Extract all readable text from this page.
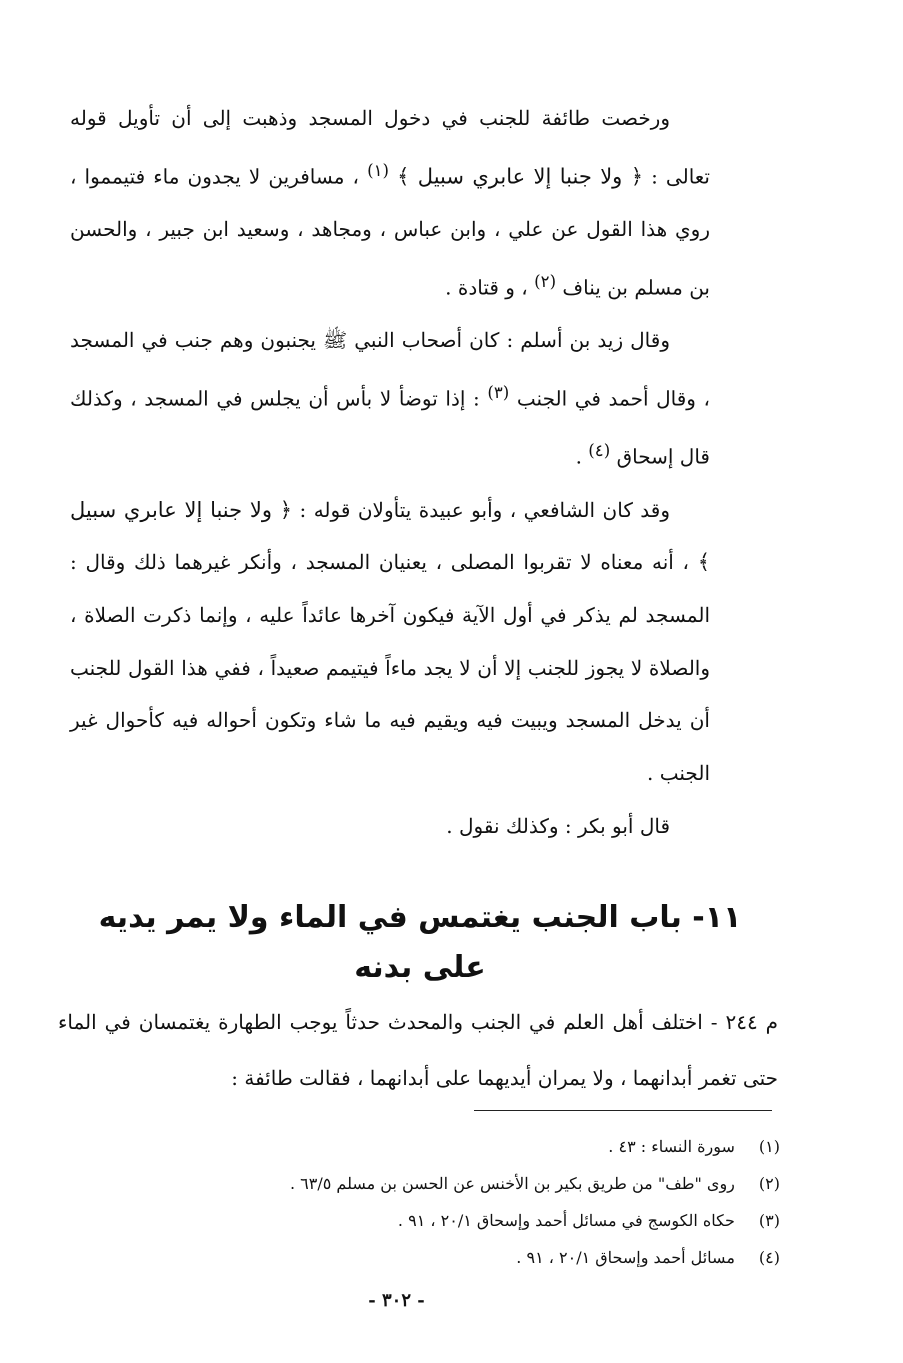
ورخصت طائفة للجنب في دخول المسجد وذهبت إلى أن تأويل قوله تعالى : ﴿ ولا جنبا إلا عابري سبيل ﴾ $^{(١)}$ ، مسافرين لا يجدون ماء فتيمموا ، روي هذا القول عن علي ، وابن عباس ، ومجاهد ، وسعيد ابن جبير ، والحسن بن مسلم بن يناف $^{(٢)}$ ، و قتادة .

وقال زيد بن أسلم : كان أصحاب النبي ﷺ يجنبون وهم جنب في المسجد ، وقال أحمد في الجنب $^{(٣)}$ : إذا توضأ لا بأس أن يجلس في المسجد ، وكذلك قال إسحاق $^{(٤)}$ .

وقد كان الشافعي ، وأبو عبيدة يتأولان قوله : ﴿ ولا جنبا إلا عابري سبيل ﴾ ، أنه معناه لا تقربوا المصلى ، يعنيان المسجد ، وأنكر غيرهما ذلك وقال : المسجد لم يذكر في أول الآية فيكون آخرها عائداً عليه ، وإنما ذكرت الصلاة ، والصلاة لا يجوز للجنب إلا أن لا يجد ماءاً فيتيمم صعيداً ، ففي هذا القول للجنب أن يدخل المسجد ويبيت فيه ويقيم فيه ما شاء وتكون أحواله فيه كأحوال غير الجنب .

قال أبو بكر : وكذلك نقول .

١١- باب الجنب يغتمس في الماء ولا يمر يديه على بدنه

م ٢٤٤ - اختلف أهل العلم في الجنب والمحدث حدثاً يوجب الطهارة يغتمسان في الماء حتى تغمر أبدانهما ، ولا يمران أيديهما على أبدانهما ، فقالت طائفة :

(١) سورة النساء : ٤٣ .
(٢) روى "طف" من طريق بكير بن الأخنس عن الحسن بن مسلم ٦٣/٥ .
(٣) حكاه الكوسج في مسائل أحمد وإسحاق ٢٠/١ ، ٩١ .
(٤) مسائل أحمد وإسحاق ٢٠/١ ، ٩١ .
- ٣٠٢ -
